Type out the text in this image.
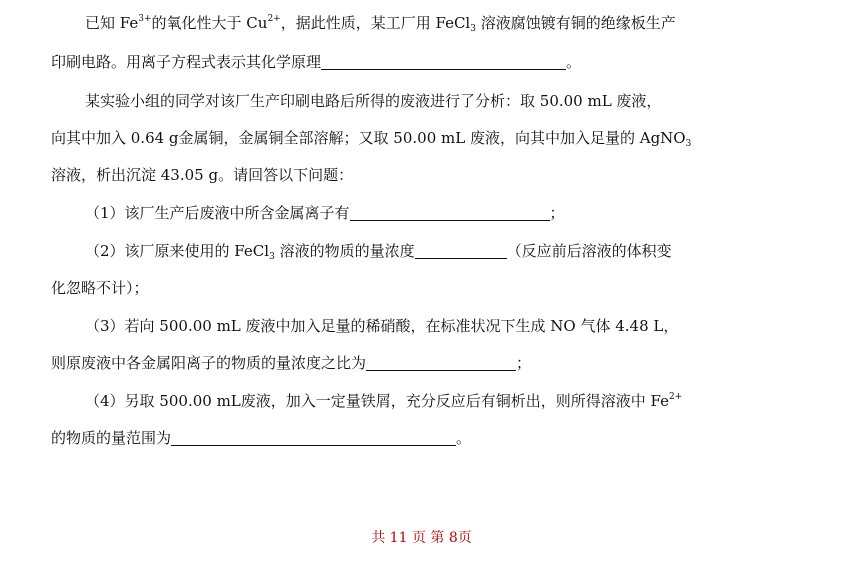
已知 $Fe^{3+}$的氧化性大于 $Cu^{2+}$，据此性质，某工厂用 FeCl$_3$ 溶液腐蚀镀有铜的绝缘板生产
印刷电路。用离子方程式表示其化学原理	。
某实验小组的同学对该厂生产印刷电路后所得的废液进行了分析：取 50.00 mL 废液，
向其中加入 0.64 g金属铜，金属铜全部溶解；又取 50.00 mL 废液，向其中加入足量的 AgNO$_3$
溶液，析出沉淀 43.05 g。请回答以下问题：
（1）该厂生产后废液中所含金属离子有	；
（2）该厂原来使用的 FeCl$_3$ 溶液的物质的量浓度	（反应前后溶液的体积变
化忽略不计）；
（3）若向 500.00 mL 废液中加入足量的稀硝酸，在标准状况下生成 NO 气体 4.48 L，
则原废液中各金属阳离子的物质的量浓度之比为	；
（4）另取 500.00 mL废液，加入一定量铁屑，充分反应后有铜析出，则所得溶液中 $Fe^{2+}$
的物质的量范围为	。
共 11 页 第 8页
